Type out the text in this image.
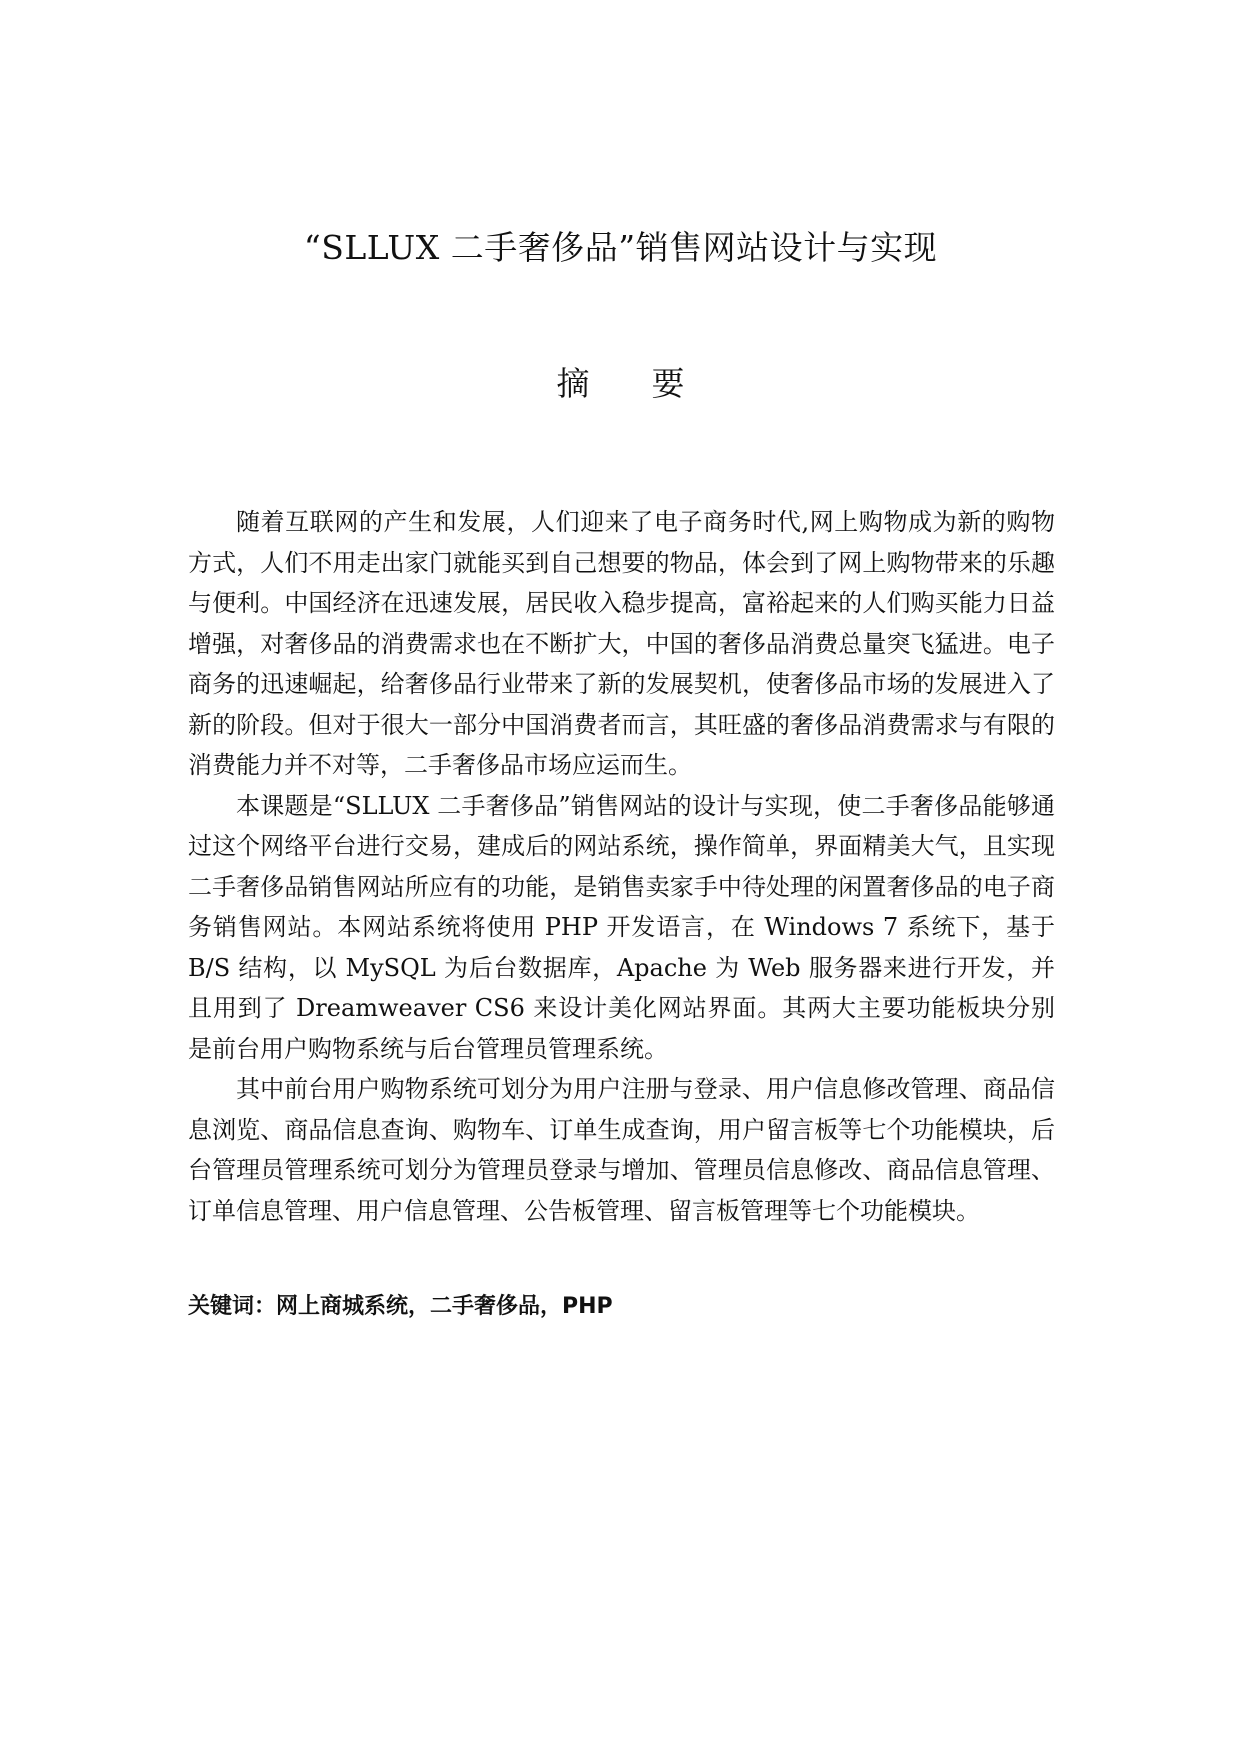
“SLLUX 二手奢侈品”销售网站设计与实现
摘 要

随着互联网的产生和发展，人们迎来了电子商务时代,网上购物成为新的购物方式，人们不用走出家门就能买到自己想要的物品，体会到了网上购物带来的乐趣与便利。中国经济在迅速发展，居民收入稳步提高，富裕起来的人们购买能力日益增强，对奢侈品的消费需求也在不断扩大，中国的奢侈品消费总量突飞猛进。电子商务的迅速崛起，给奢侈品行业带来了新的发展契机，使奢侈品市场的发展进入了新的阶段。但对于很大一部分中国消费者而言，其旺盛的奢侈品消费需求与有限的消费能力并不对等，二手奢侈品市场应运而生。

本课题是“SLLUX 二手奢侈品”销售网站的设计与实现，使二手奢侈品能够通过这个网络平台进行交易，建成后的网站系统，操作简单，界面精美大气，且实现二手奢侈品销售网站所应有的功能，是销售卖家手中待处理的闲置奢侈品的电子商务销售网站。本网站系统将使用 PHP 开发语言，在 Windows 7 系统下，基于 B/S 结构，以 MySQL 为后台数据库，Apache 为 Web 服务器来进行开发，并且用到了 Dreamweaver CS6 来设计美化网站界面。其两大主要功能板块分别是前台用户购物系统与后台管理员管理系统。

其中前台用户购物系统可划分为用户注册与登录、用户信息修改管理、商品信息浏览、商品信息查询、购物车、订单生成查询，用户留言板等七个功能模块，后台管理员管理系统可划分为管理员登录与增加、管理员信息修改、商品信息管理、订单信息管理、用户信息管理、公告板管理、留言板管理等七个功能模块。

关键词：网上商城系统，二手奢侈品，PHP
